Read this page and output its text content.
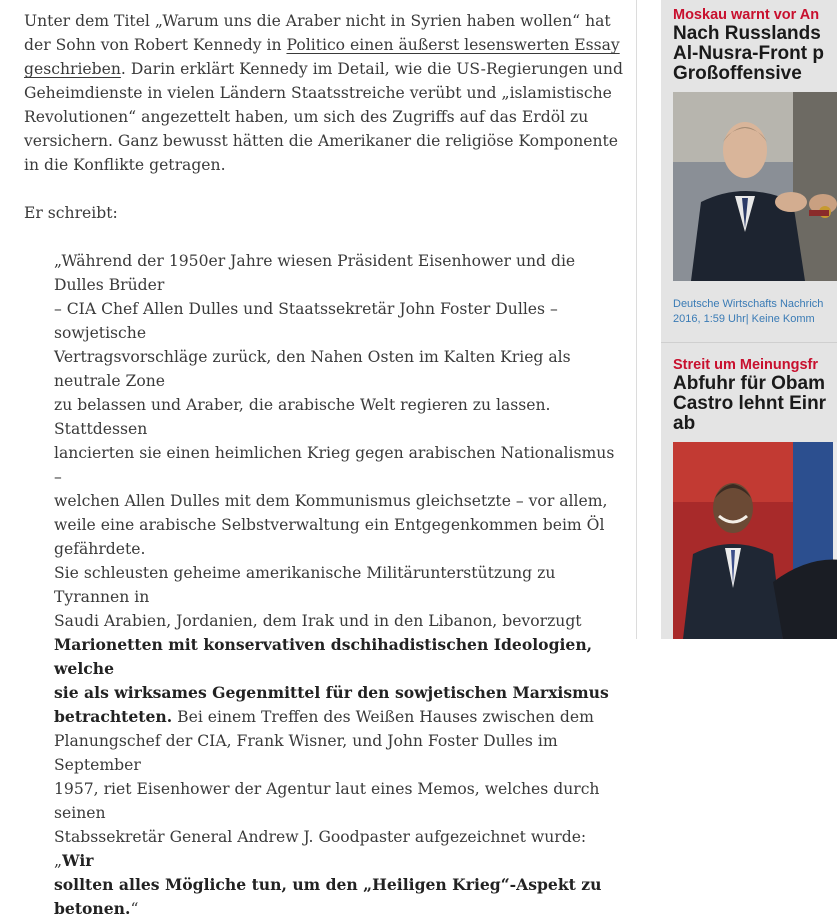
Unter dem Titel „Warum uns die Araber nicht in Syrien haben wollen“ hat der Sohn von Robert Kennedy in Politico einen äußerst lesenswerten Essay geschrieben. Darin erklärt Kennedy im Detail, wie die US-Regierungen und Geheimdienste in vielen Ländern Staatsstreiche verübt und „islamistische Revolutionen“ angezettelt haben, um sich des Zugriffs auf das Erdöl zu versichern. Ganz bewusst hätten die Amerikaner die religiöse Komponente in die Konflikte getragen.

Er schreibt:

„Während der 1950er Jahre wiesen Präsident Eisenhower und die Dulles Brüder
– CIA Chef Allen Dulles und Staatssekretär John Foster Dulles – sowjetische
Vertragsvorschläge zurück, den Nahen Osten im Kalten Krieg als neutrale Zone
zu belassen und Araber, die arabische Welt regieren zu lassen. Stattdessen
lancierten sie einen heimlichen Krieg gegen arabischen Nationalismus –
welchen Allen Dulles mit dem Kommunismus gleichsetzte – vor allem,
weile eine arabische Selbstverwaltung ein Entgegenkommen beim Öl gefährdete.
Sie schleusten geheime amerikanische Militärunterstützung zu Tyrannen in
Saudi Arabien, Jordanien, dem Irak und in den Libanon, bevorzugt
Marionetten mit konservativen dschihadistischen Ideologien, welche
sie als wirksames Gegenmittel für den sowjetischen Marxismus
betrachteten. Bei einem Treffen des Weißen Hauses zwischen dem
Planungschef der CIA, Frank Wisner, und John Foster Dulles im September
1957, riet Eisenhower der Agentur laut eines Memos, welches durch seinen
Stabssekretär General Andrew J. Goodpaster aufgezeichnet wurde: „Wir
sollten alles Mögliche tun, um den „Heiligen Krieg“-Aspekt zu
betonen.“
Moskau warnt vor An
Nach Russlands
Al-Nusra-Front p
Großoffensive
Deutsche Wirtschafts Nachrich
2016, 1:59 Uhr| Keine Komm
Streit um Meinungsfr
Abfuhr für Obam
Castro lehnt Einr
ab
